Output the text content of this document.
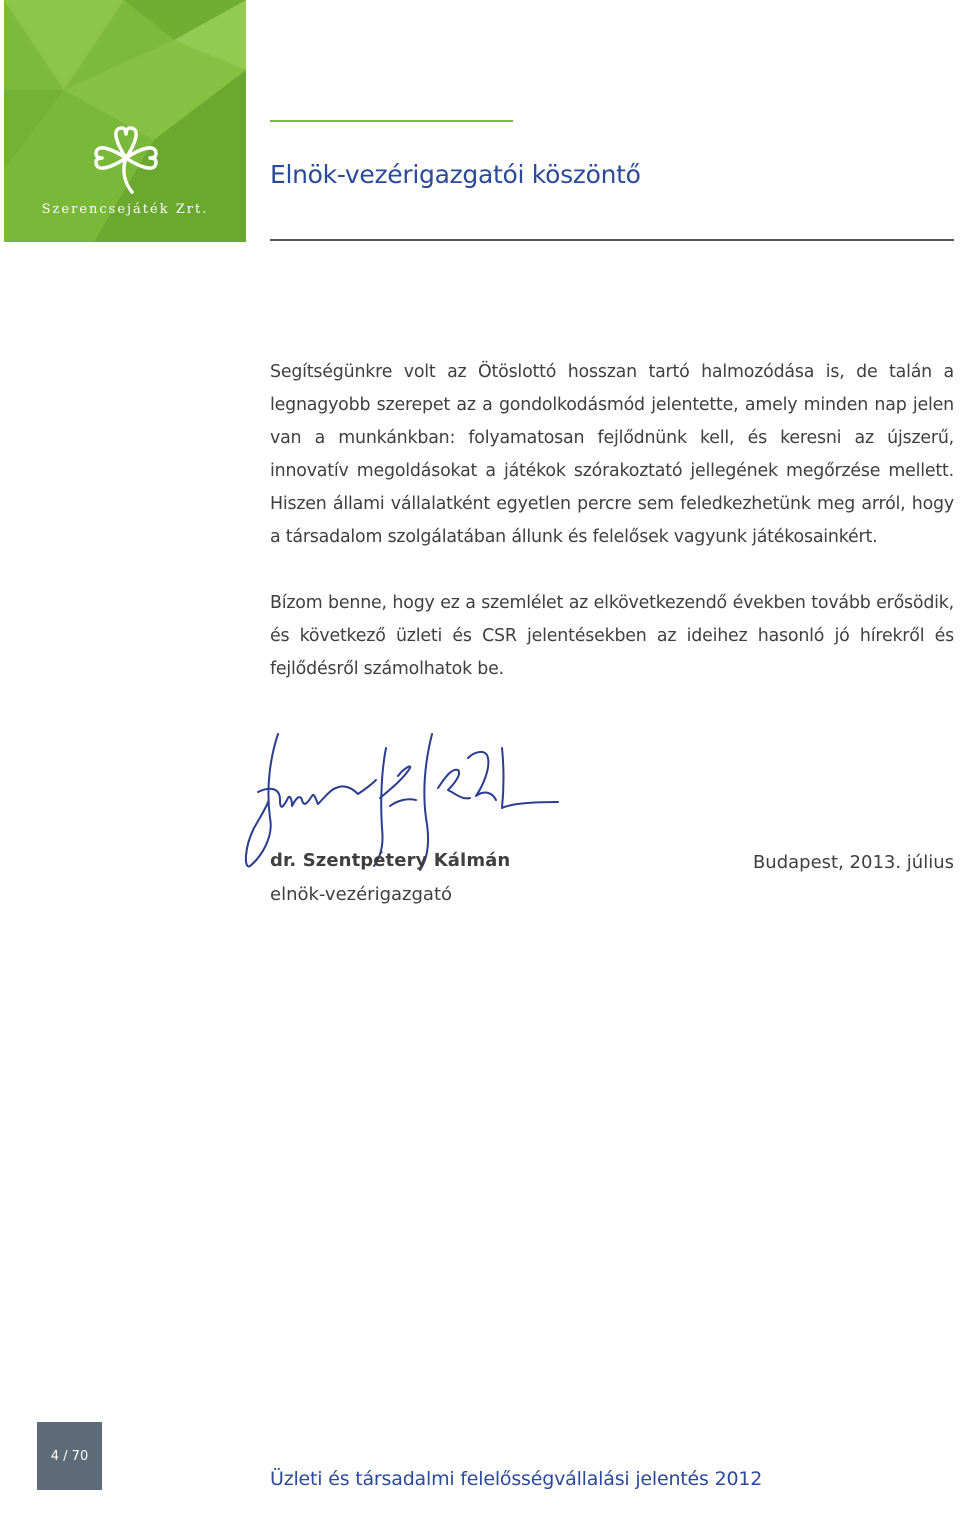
Szerencsejáték Zrt.
Elnök-vezérigazgatói köszöntő

Segítségünkre volt az Ötöslottó hosszan tartó halmozódása is, de talán a legnagyobb szerepet az a gondolkodásmód jelentette, amely minden nap jelen van a munkánkban: folyamatosan fejlődnünk kell, és keresni az újszerű, innovatív megoldásokat a játékok szórakoztató jellegének megőrzése mellett. Hiszen állami vállalatként egyetlen percre sem feledkezhetünk meg arról, hogy a társadalom szolgálatában állunk és felelősek vagyunk játékosainkért.

Bízom benne, hogy ez a szemlélet az elkövetkezendő években tovább erősödik, és következő üzleti és CSR jelentésekben az ideihez hasonló jó hírekről és fejlődésről számolhatok be.

dr. Szentpétery Kálmán
elnök-vezérigazgató
Budapest, 2013. július
4 / 70
Üzleti és társadalmi felelősségvállalási jelentés 2012
